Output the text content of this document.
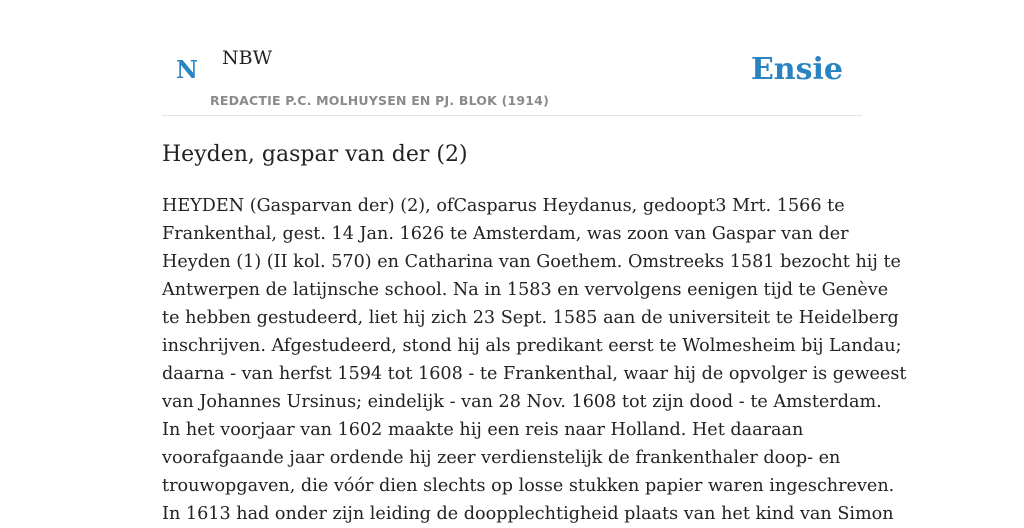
N NBW
REDACTIE P.C. MOLHUYSEN EN PJ. BLOK (1914)
Ensie
Heyden, gaspar van der (2)
HEYDEN (Gasparvan der) (2), ofCasparus Heydanus, gedoopt3 Mrt. 1566 te
Frankenthal, gest. 14 Jan. 1626 te Amsterdam, was zoon van Gaspar van der
Heyden (1) (II kol. 570) en Catharina van Goethem. Omstreeks 1581 bezocht hij te
Antwerpen de latijnsche school. Na in 1583 en vervolgens eenigen tijd te Genève
te hebben gestudeerd, liet hij zich 23 Sept. 1585 aan de universiteit te Heidelberg
inschrijven. Afgestudeerd, stond hij als predikant eerst te Wolmesheim bij Landau;
daarna - van herfst 1594 tot 1608 - te Frankenthal, waar hij de opvolger is geweest
van Johannes Ursinus; eindelijk - van 28 Nov. 1608 tot zijn dood - te Amsterdam.
In het voorjaar van 1602 maakte hij een reis naar Holland. Het daaraan
voorafgaande jaar ordende hij zeer verdienstelijk de frankenthaler doop- en
trouwopgaven, die vóór dien slechts op losse stukken papier waren ingeschreven.
In 1613 had onder zijn leiding de doopplechtigheid plaats van het kind van Simon
